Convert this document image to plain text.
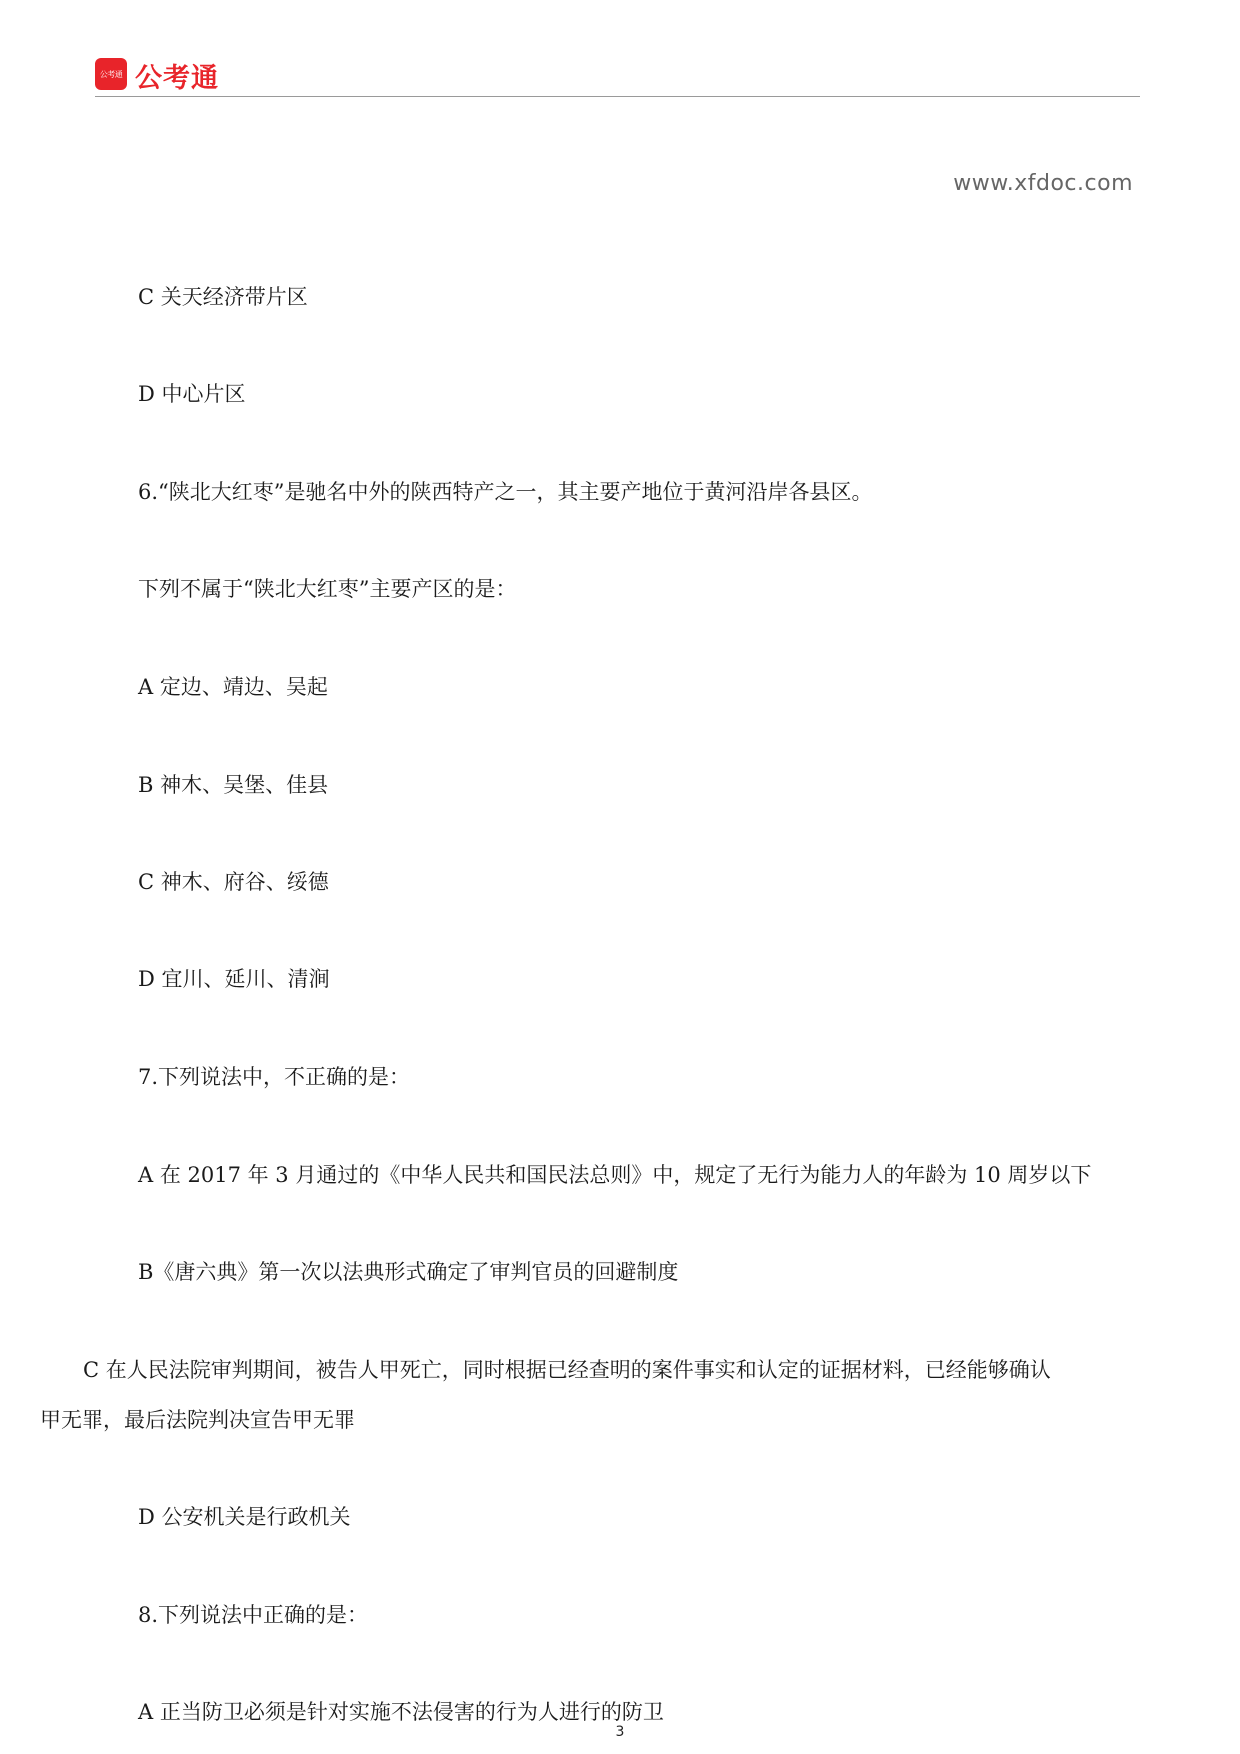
公考通 公考通
www.xfdoc.com
C 关天经济带片区
D 中心片区
6.“陕北大红枣”是驰名中外的陕西特产之一，其主要产地位于黄河沿岸各县区。
下列不属于“陕北大红枣”主要产区的是：
A 定边、靖边、吴起
B 神木、吴堡、佳县
C 神木、府谷、绥德
D 宜川、延川、清涧
7.下列说法中，不正确的是：
A 在 2017 年 3 月通过的《中华人民共和国民法总则》中，规定了无行为能力人的年龄为 10 周岁以下
B《唐六典》第一次以法典形式确定了审判官员的回避制度
C 在人民法院审判期间，被告人甲死亡，同时根据已经查明的案件事实和认定的证据材料，已经能够确认
甲无罪，最后法院判决宣告甲无罪
D 公安机关是行政机关
8.下列说法中正确的是：
A 正当防卫必须是针对实施不法侵害的行为人进行的防卫
3
